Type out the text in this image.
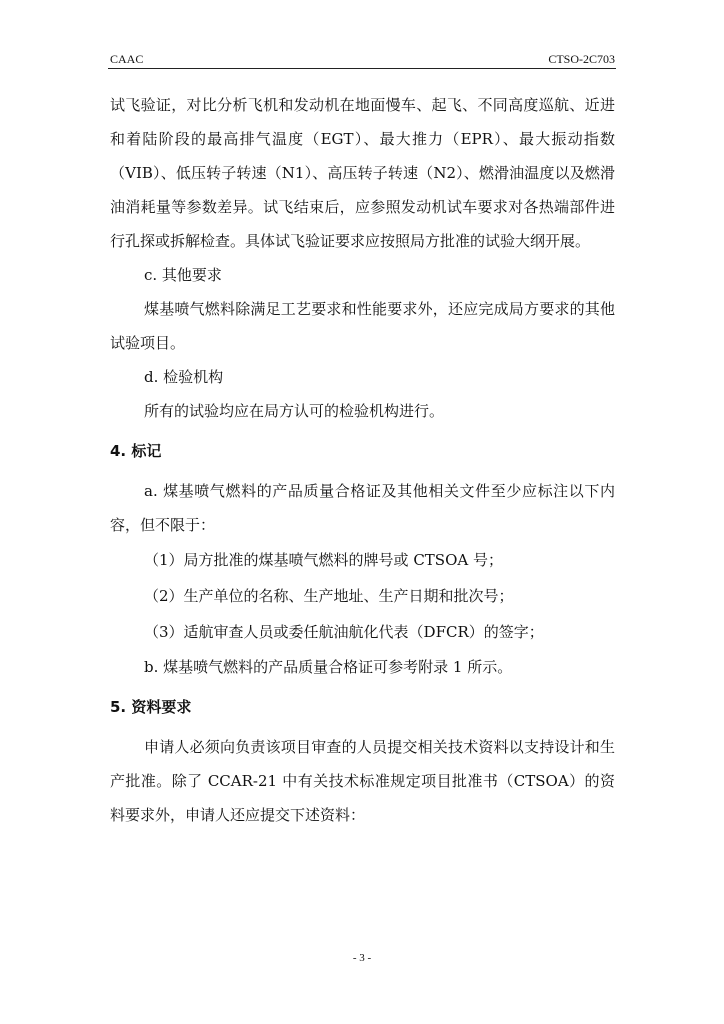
CAAC	CTSO-2C703

试飞验证，对比分析飞机和发动机在地面慢车、起飞、不同高度巡航、近进和着陆阶段的最高排气温度（EGT）、最大推力（EPR）、最大振动指数（VIB）、低压转子转速（N1）、高压转子转速（N2）、燃滑油温度以及燃滑油消耗量等参数差异。试飞结束后，应参照发动机试车要求对各热端部件进行孔探或拆解检查。具体试飞验证要求应按照局方批准的试验大纲开展。

c. 其他要求

煤基喷气燃料除满足工艺要求和性能要求外，还应完成局方要求的其他试验项目。

d. 检验机构

所有的试验均应在局方认可的检验机构进行。

4. 标记

a. 煤基喷气燃料的产品质量合格证及其他相关文件至少应标注以下内容，但不限于：

（1）局方批准的煤基喷气燃料的牌号或 CTSOA 号；

（2）生产单位的名称、生产地址、生产日期和批次号；

（3）适航审查人员或委任航油航化代表（DFCR）的签字；

b. 煤基喷气燃料的产品质量合格证可参考附录 1 所示。

5. 资料要求

申请人必须向负责该项目审查的人员提交相关技术资料以支持设计和生产批准。除了 CCAR-21 中有关技术标准规定项目批准书（CTSOA）的资料要求外，申请人还应提交下述资料：

- 3 -
